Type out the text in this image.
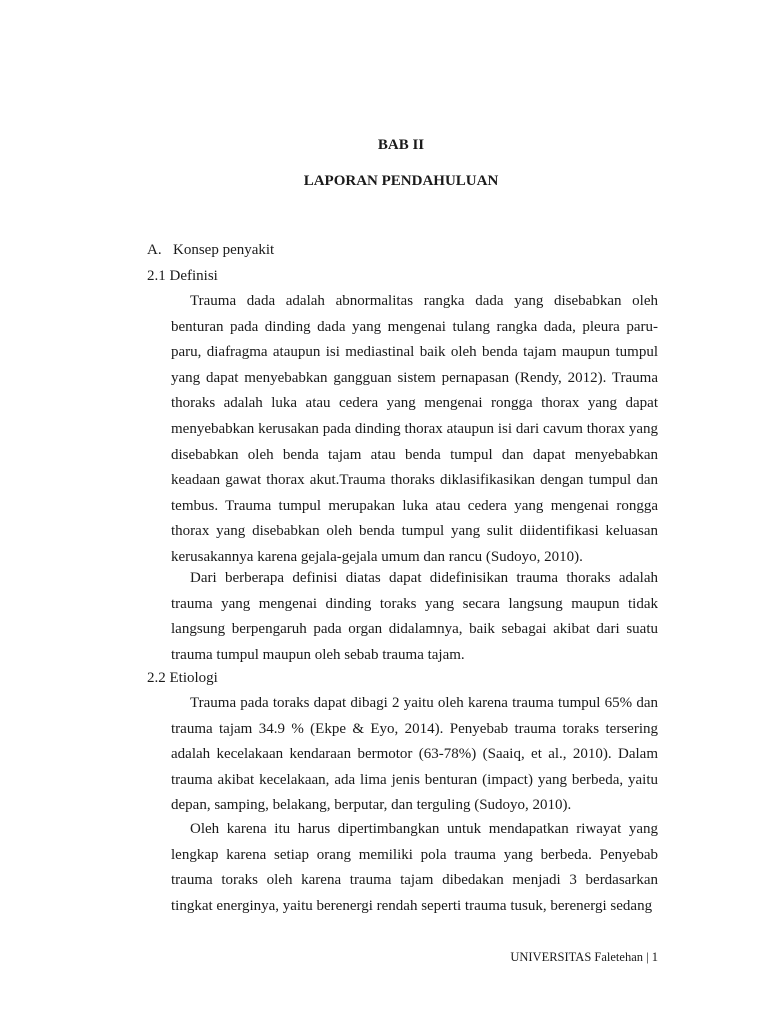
BAB II
LAPORAN PENDAHULUAN
A. Konsep penyakit
2.1 Definisi

Trauma dada adalah abnormalitas rangka dada yang disebabkan oleh benturan pada dinding dada yang mengenai tulang rangka dada, pleura paru-paru, diafragma ataupun isi mediastinal baik oleh benda tajam maupun tumpul yang dapat menyebabkan gangguan sistem pernapasan (Rendy, 2012). Trauma thoraks adalah luka atau cedera yang mengenai rongga thorax yang dapat menyebabkan kerusakan pada dinding thorax ataupun isi dari cavum thorax yang disebabkan oleh benda tajam atau benda tumpul dan dapat menyebabkan keadaan gawat thorax akut.Trauma thoraks diklasifikasikan dengan tumpul dan tembus. Trauma tumpul merupakan luka atau cedera yang mengenai rongga thorax yang disebabkan oleh benda tumpul yang sulit diidentifikasi keluasan kerusakannya karena gejala-gejala umum dan rancu (Sudoyo, 2010).

Dari berberapa definisi diatas dapat didefinisikan trauma thoraks adalah trauma yang mengenai dinding toraks yang secara langsung maupun tidak langsung berpengaruh pada organ didalamnya, baik sebagai akibat dari suatu trauma tumpul maupun oleh sebab trauma tajam.

2.2 Etiologi

Trauma pada toraks dapat dibagi 2 yaitu oleh karena trauma tumpul 65% dan trauma tajam 34.9 % (Ekpe & Eyo, 2014). Penyebab trauma toraks tersering adalah kecelakaan kendaraan bermotor (63-78%) (Saaiq, et al., 2010). Dalam trauma akibat kecelakaan, ada lima jenis benturan (impact) yang berbeda, yaitu depan, samping, belakang, berputar, dan terguling (Sudoyo, 2010).

Oleh karena itu harus dipertimbangkan untuk mendapatkan riwayat yang lengkap karena setiap orang memiliki pola trauma yang berbeda. Penyebab trauma toraks oleh karena trauma tajam dibedakan menjadi 3 berdasarkan tingkat energinya, yaitu berenergi rendah seperti trauma tusuk, berenergi sedang

UNIVERSITAS Faletehan | 1
